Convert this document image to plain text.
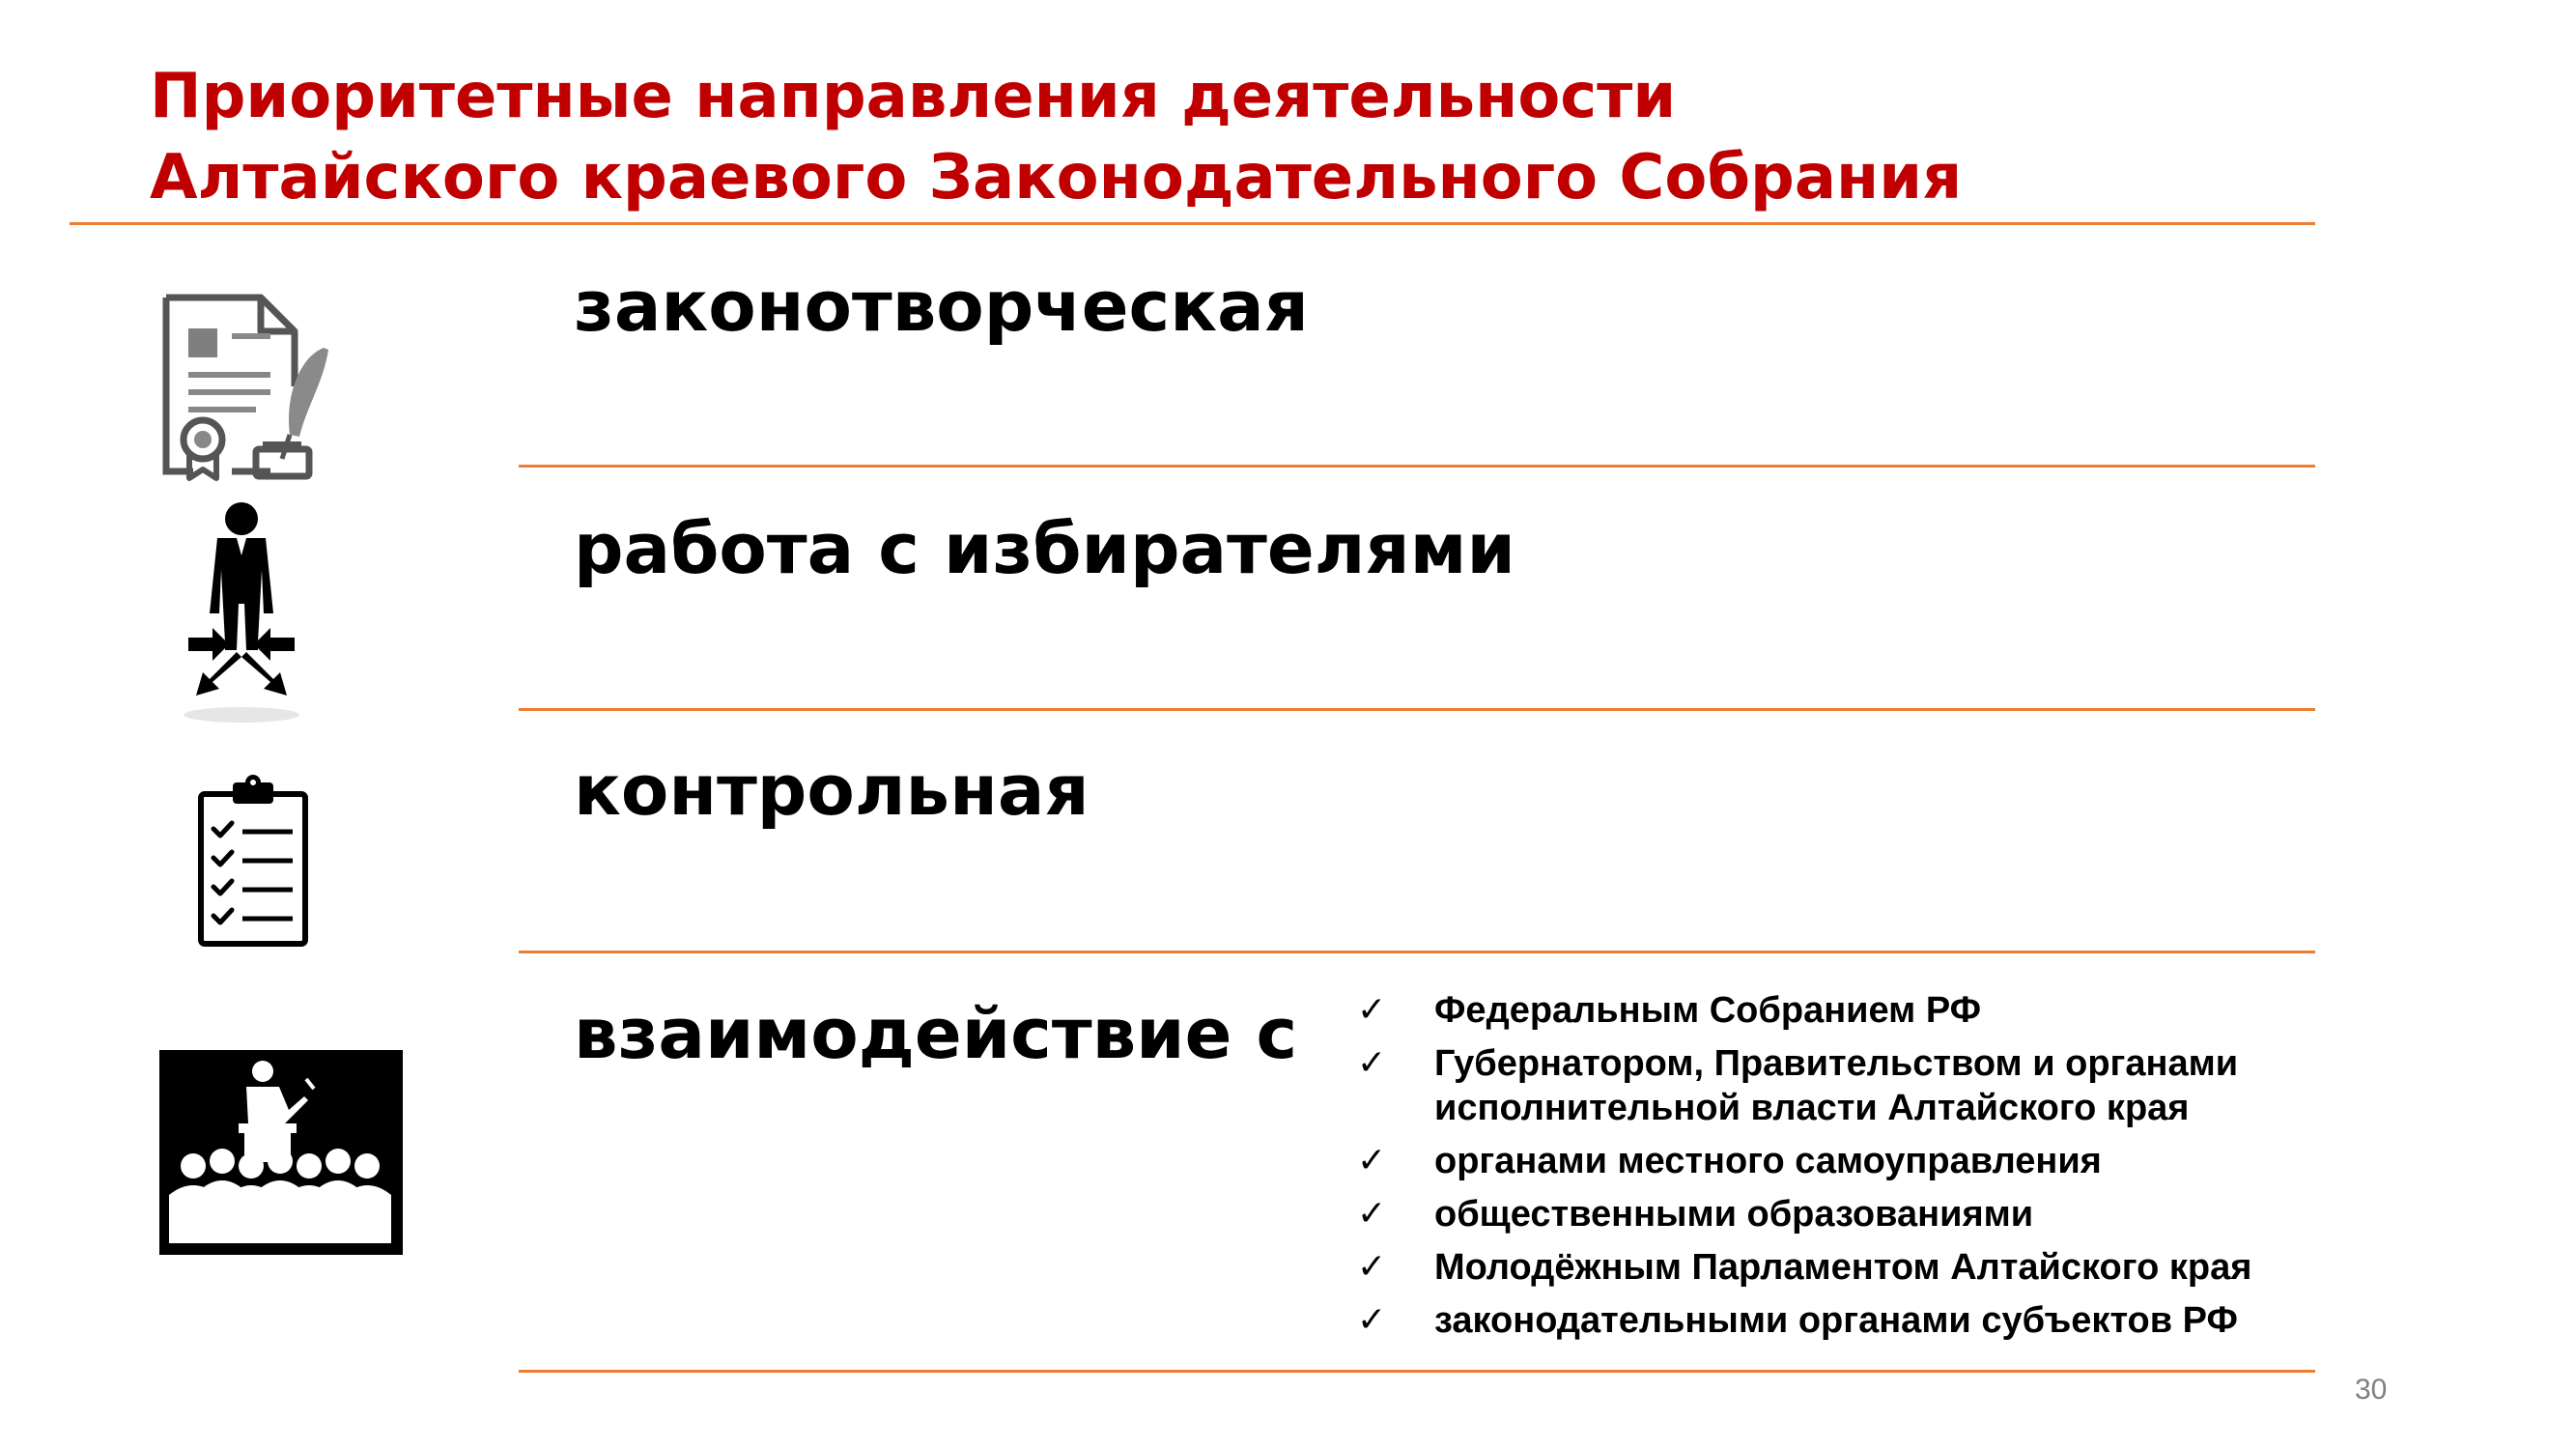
Приоритетные направления деятельности
Алтайского краевого Законодательного Собрания
законотворческая
работа с избирателями
контрольная
взаимодействие с ✓ Федеральным Собранием РФ
✓ Губернатором, Правительством и органами исполнительной власти Алтайского края
✓ органами местного самоуправления
✓ общественными образованиями
✓ Молодёжным Парламентом Алтайского края
✓ законодательными органами субъектов РФ
30
